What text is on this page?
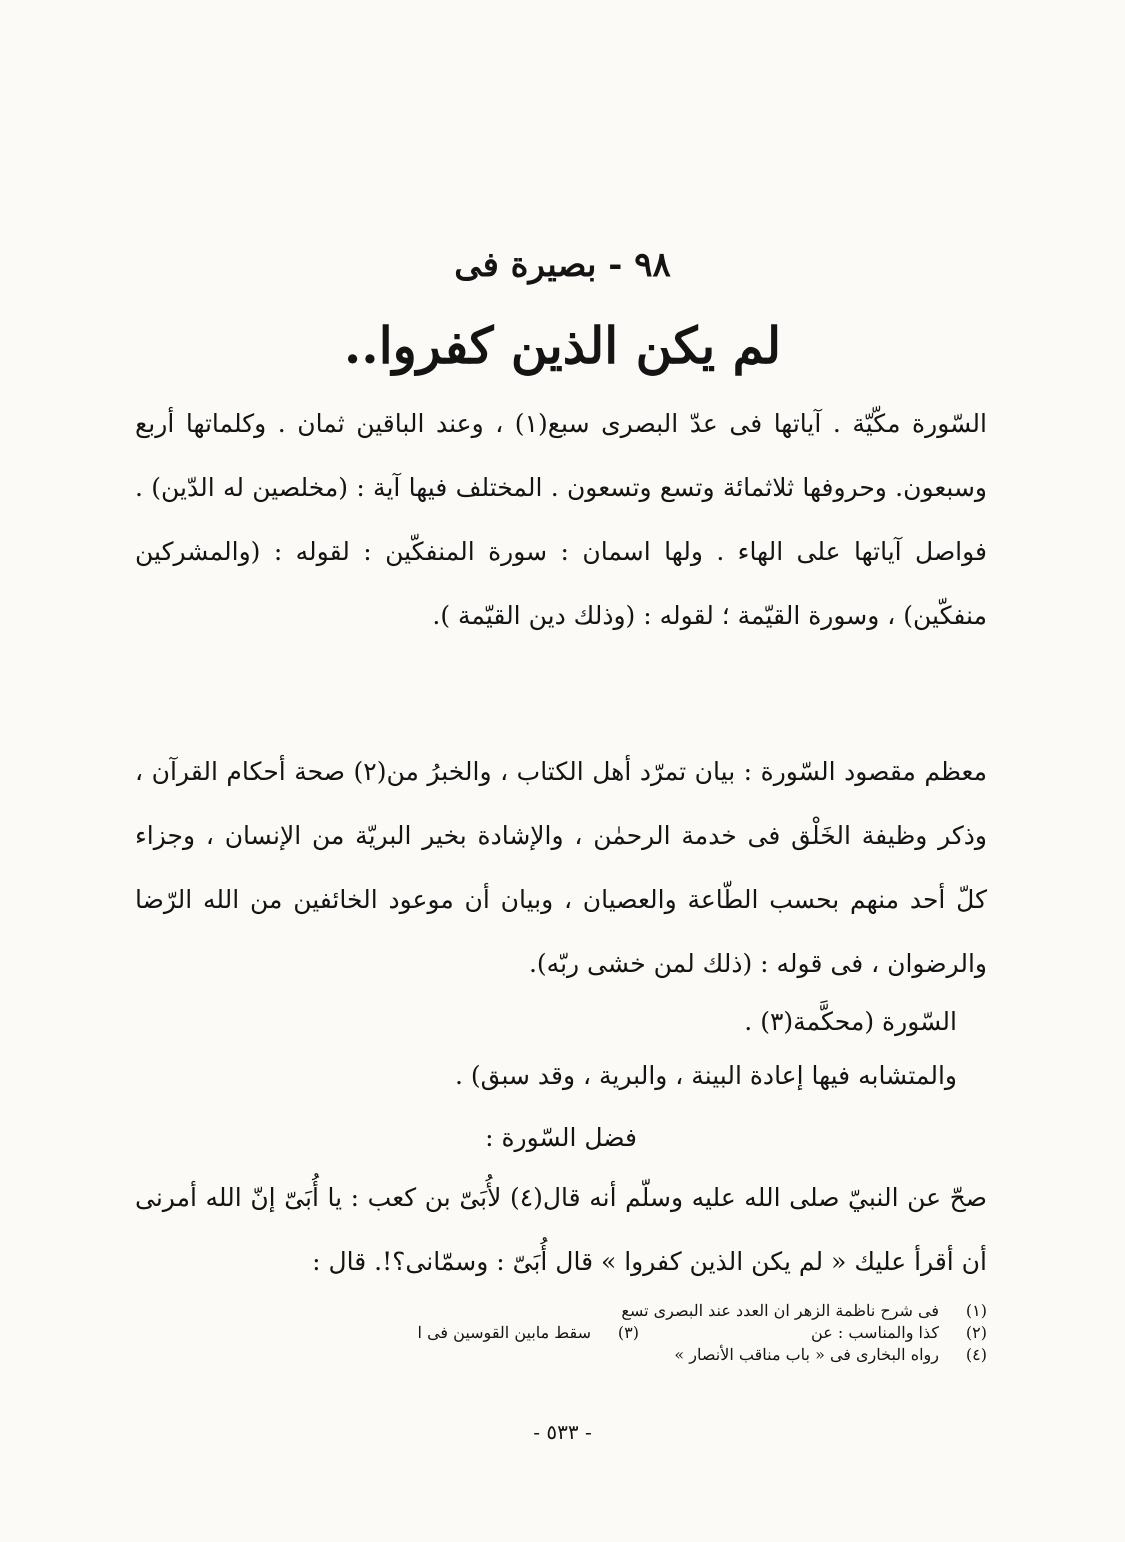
٩٨ - بصيرة فى
لم يكن الذين كفروا..
السّورة مكّيّة . آياتها فى عدّ البصرى سبع(١) ، وعند الباقين ثمان . وكلماتها أربع وسبعون. وحروفها ثلاثمائة وتسع وتسعون . المختلف فيها آية : (مخلصين له الدّين) . فواصل آياتها على الهاء . ولها اسمان : سورة المنفكّين : لقوله : (والمشركين منفكّين) ، وسورة القيّمة ؛ لقوله : (وذلك دين القيّمة ).
معظم مقصود السّورة : بيان تمرّد أهل الكتاب ، والخبرُ من(٢) صحة أحكام القرآن ، وذكر وظيفة الخَلْق فى خدمة الرحمٰن ، والإشادة بخير البريّة من الإنسان ، وجزاء كلّ أحد منهم بحسب الطّاعة والعصيان ، وبيان أن موعود الخائفين من الله الرّضا والرضوان ، فى قوله : (ذلك لمن خشى ربّه).
السّورة (محكَّمة(٣) .
والمتشابه فيها إعادة البينة ، والبرية ، وقد سبق) .
فضل السّورة :
صحّ عن النبيّ صلى الله عليه وسلّم أنه قال(٤) لأُبَىّ بن كعب : يا أُبَىّ إنّ الله أمرنى أن أقرأ عليك « لم يكن الذين كفروا » قال أُبَىّ : وسمّانى؟!. قال :
(١)
فى شرح ناظمة الزهر ان العدد عند البصرى تسع
(٢)
كذا والمناسب : عن
(٣)
سقط مابين القوسين فى ا
(٤)
رواه البخارى فى « باب مناقب الأنصار »
- ٥٣٣ -
